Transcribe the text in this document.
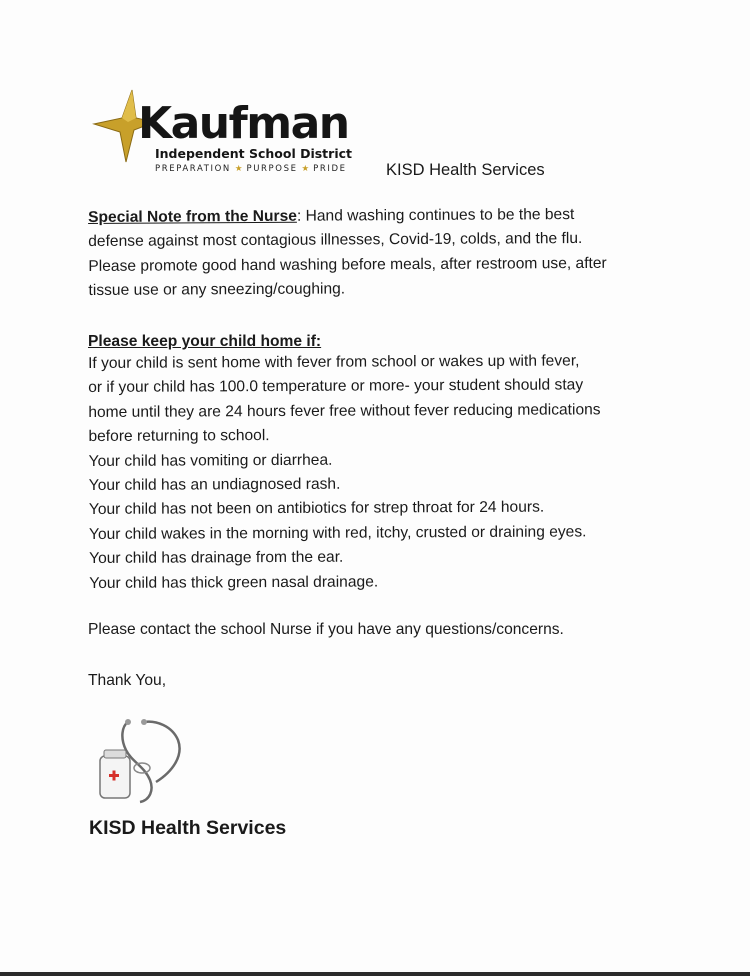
Kaufman
Independent School District
PREPARATION ★ PURPOSE ★ PRIDE KISD Health Services
Special Note from the Nurse: Hand washing continues to be the best
defense against most contagious illnesses, Covid-19, colds, and the flu.
Please promote good hand washing before meals, after restroom use, after
tissue use or any sneezing/coughing.
Please keep your child home if:
If your child is sent home with fever from school or wakes up with fever,
or if your child has 100.0 temperature or more- your student should stay
home until they are 24 hours fever free without fever reducing medications
before returning to school.
Your child has vomiting or diarrhea.
Your child has an undiagnosed rash.
Your child has not been on antibiotics for strep throat for 24 hours.
Your child wakes in the morning with red, itchy, crusted or draining eyes.
Your child has drainage from the ear.
Your child has thick green nasal drainage.
Please contact the school Nurse if you have any questions/concerns.
Thank You,
KISD Health Services
